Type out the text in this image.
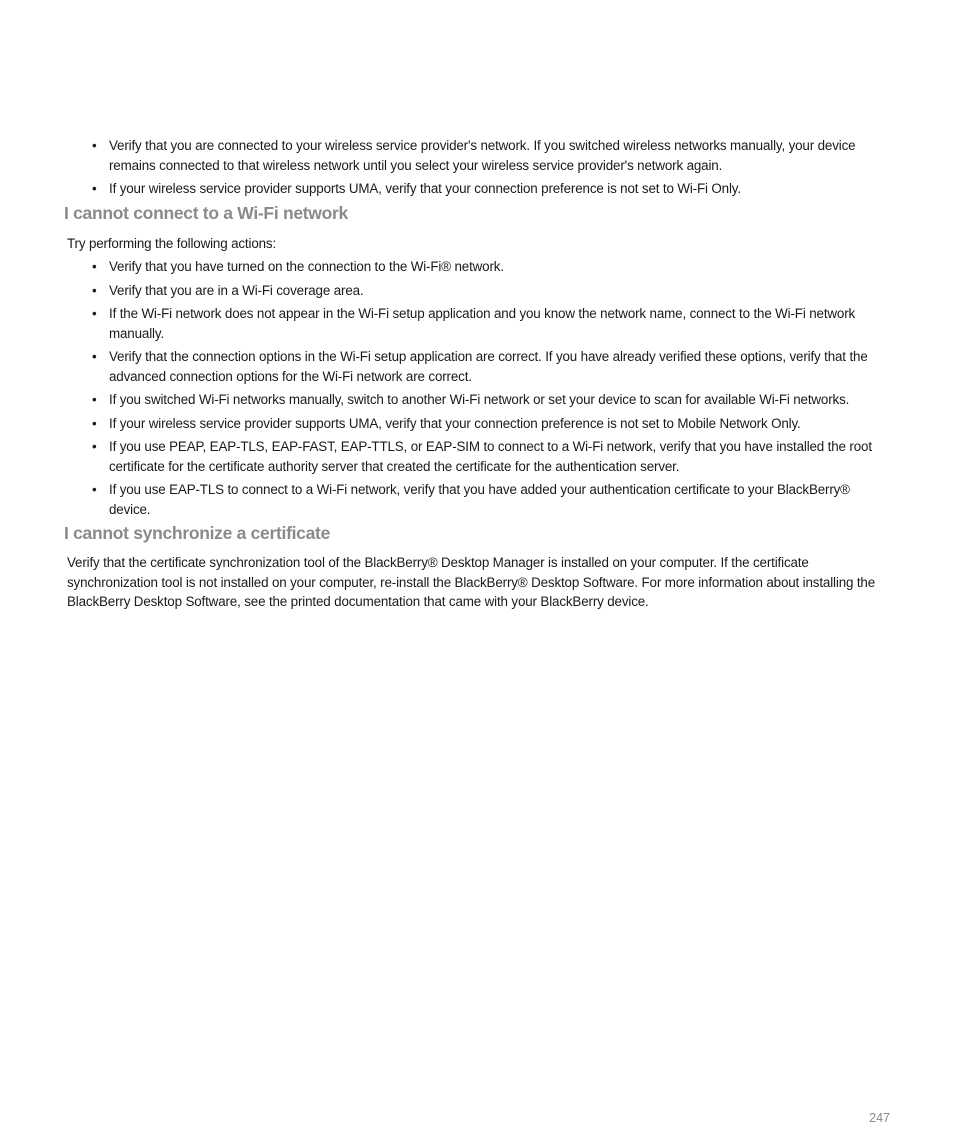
• Verify that you are connected to your wireless service provider's network. If you switched wireless networks manually, your device remains connected to that wireless network until you select your wireless service provider's network again.
• If your wireless service provider supports UMA, verify that your connection preference is not set to Wi-Fi Only.
I cannot connect to a Wi-Fi network

Try performing the following actions:

• Verify that you have turned on the connection to the Wi-Fi® network.
• Verify that you are in a Wi-Fi coverage area.
• If the Wi-Fi network does not appear in the Wi-Fi setup application and you know the network name, connect to the Wi-Fi network manually.
• Verify that the connection options in the Wi-Fi setup application are correct. If you have already verified these options, verify that the advanced connection options for the Wi-Fi network are correct.
• If you switched Wi-Fi networks manually, switch to another Wi-Fi network or set your device to scan for available Wi-Fi networks.
• If your wireless service provider supports UMA, verify that your connection preference is not set to Mobile Network Only.
• If you use PEAP, EAP-TLS, EAP-FAST, EAP-TTLS, or EAP-SIM to connect to a Wi-Fi network, verify that you have installed the root certificate for the certificate authority server that created the certificate for the authentication server.
• If you use EAP-TLS to connect to a Wi-Fi network, verify that you have added your authentication certificate to your BlackBerry® device.
I cannot synchronize a certificate

Verify that the certificate synchronization tool of the BlackBerry® Desktop Manager is installed on your computer. If the certificate synchronization tool is not installed on your computer, re-install the BlackBerry® Desktop Software. For more information about installing the BlackBerry Desktop Software, see the printed documentation that came with your BlackBerry device.

247
